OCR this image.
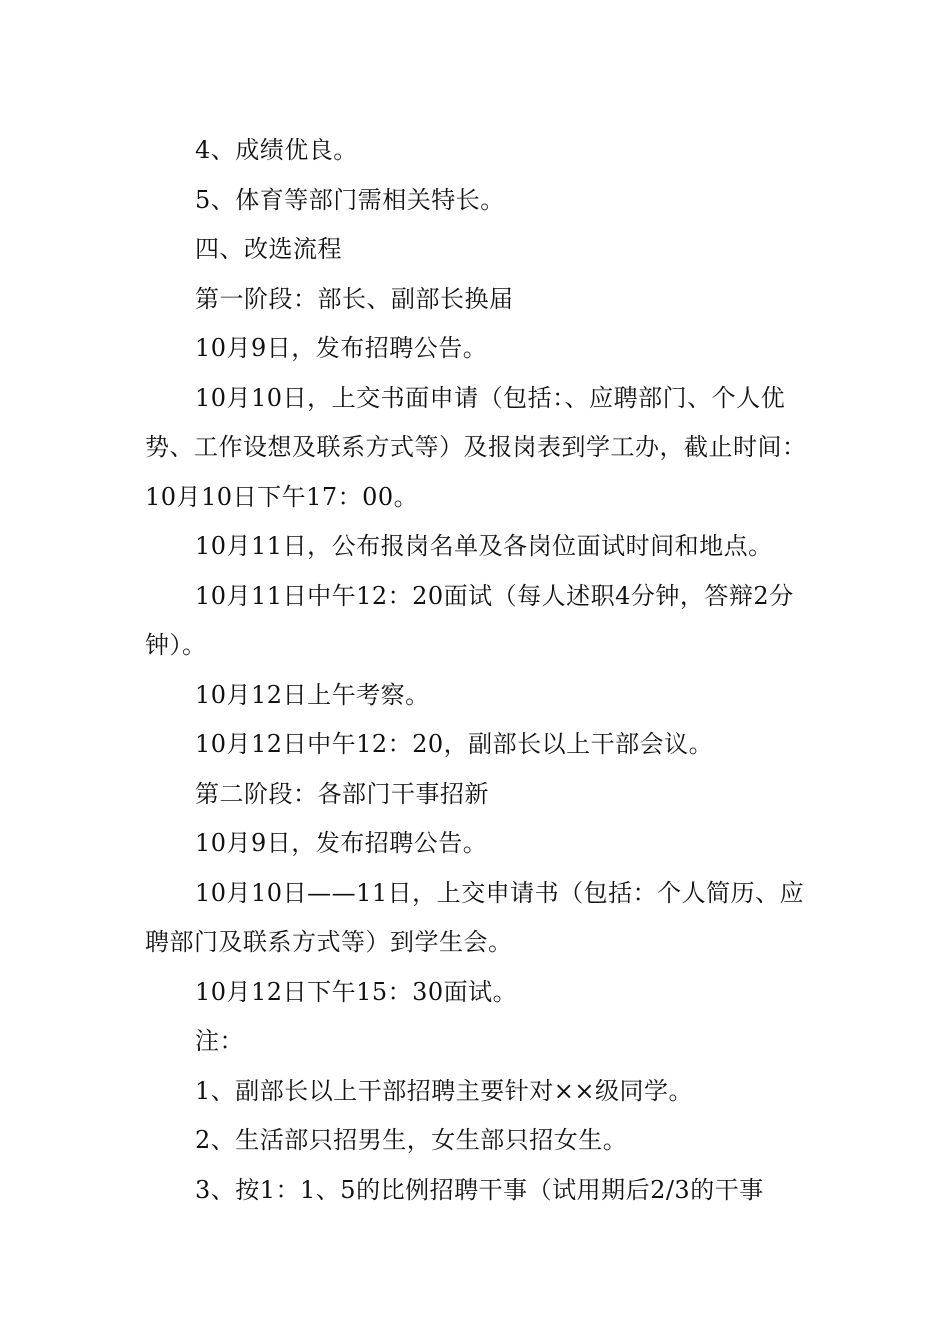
4、成绩优良。

5、体育等部门需相关特长。

四、改选流程

第一阶段：部长、副部长换届

10月9日，发布招聘公告。

10月10日，上交书面申请（包括：、应聘部门、个人优势、工作设想及联系方式等）及报岗表到学工办，截止时间：10月10日下午17：00。

10月11日，公布报岗名单及各岗位面试时间和地点。

10月11日中午12：20面试（每人述职4分钟，答辩2分钟）。

10月12日上午考察。

10月12日中午12：20，副部长以上干部会议。

第二阶段：各部门干事招新

10月9日，发布招聘公告。

10月10日——11日，上交申请书（包括：个人简历、应聘部门及联系方式等）到学生会。

10月12日下午15：30面试。

注：

1、副部长以上干部招聘主要针对××级同学。

2、生活部只招男生，女生部只招女生。

3、按1：1、5的比例招聘干事（试用期后2/3的干事
